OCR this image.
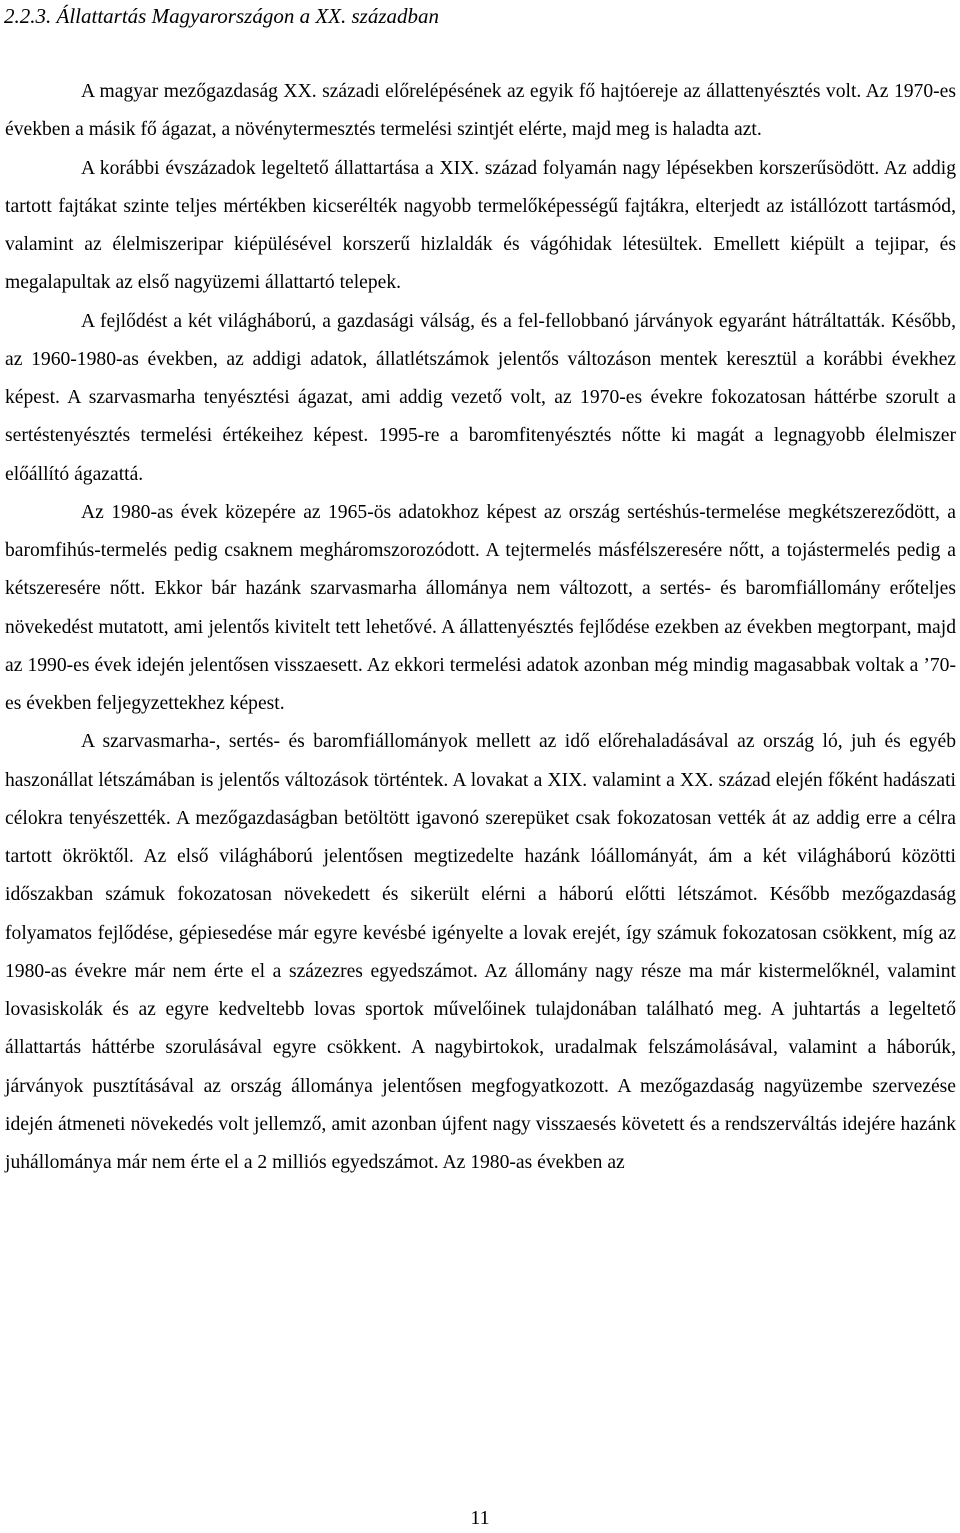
2.2.3. Állattartás Magyarországon a XX. században

A magyar mezőgazdaság XX. századi előrelépésének az egyik fő hajtóereje az állattenyésztés volt. Az 1970-es években a másik fő ágazat, a növénytermesztés termelési szintjét elérte, majd meg is haladta azt.

A korábbi évszázadok legeltető állattartása a XIX. század folyamán nagy lépésekben korszerűsödött. Az addig tartott fajtákat szinte teljes mértékben kicserélték nagyobb termelőképességű fajtákra, elterjedt az istállózott tartásmód, valamint az élelmiszeripar kiépülésével korszerű hizlaldák és vágóhidak létesültek. Emellett kiépült a tejipar, és megalapultak az első nagyüzemi állattartó telepek.

A fejlődést a két világháború, a gazdasági válság, és a fel-fellobbanó járványok egyaránt hátráltatták. Később, az 1960-1980-as években, az addigi adatok, állatlétszámok jelentős változáson mentek keresztül a korábbi évekhez képest. A szarvasmarha tenyésztési ágazat, ami addig vezető volt, az 1970-es évekre fokozatosan háttérbe szorult a sertéstenyésztés termelési értékeihez képest. 1995-re a baromfitenyésztés nőtte ki magát a legnagyobb élelmiszer előállító ágazattá.

Az 1980-as évek közepére az 1965-ös adatokhoz képest az ország sertéshús-termelése megkétszereződött, a baromfihús-termelés pedig csaknem megháromszorozódott. A tejtermelés másfélszeresére nőtt, a tojástermelés pedig a kétszeresére nőtt. Ekkor bár hazánk szarvasmarha állománya nem változott, a sertés- és baromfiállomány erőteljes növekedést mutatott, ami jelentős kivitelt tett lehetővé. A állattenyésztés fejlődése ezekben az években megtorpant, majd az 1990-es évek idején jelentősen visszaesett. Az ekkori termelési adatok azonban még mindig magasabbak voltak a ’70-es években feljegyzettekhez képest.

A szarvasmarha-, sertés- és baromfiállományok mellett az idő előrehaladásával az ország ló, juh és egyéb haszonállat létszámában is jelentős változások történtek. A lovakat a XIX. valamint a XX. század elején főként hadászati célokra tenyészették. A mezőgazdaságban betöltött igavonó szerepüket csak fokozatosan vették át az addig erre a célra tartott ökröktől. Az első világháború jelentősen megtizedelte hazánk lóállományát, ám a két világháború közötti időszakban számuk fokozatosan növekedett és sikerült elérni a háború előtti létszámot. Később mezőgazdaság folyamatos fejlődése, gépiesedése már egyre kevésbé igényelte a lovak erejét, így számuk fokozatosan csökkent, míg az 1980-as évekre már nem érte el a százezres egyedszámot. Az állomány nagy része ma már kistermelőknél, valamint lovasiskolák és az egyre kedveltebb lovas sportok művelőinek tulajdonában található meg. A juhtartás a legeltető állattartás háttérbe szorulásával egyre csökkent. A nagybirtokok, uradalmak felszámolásával, valamint a háborúk, járványok pusztításával az ország állománya jelentősen megfogyatkozott. A mezőgazdaság nagyüzembe szervezése idején átmeneti növekedés volt jellemző, amit azonban újfent nagy visszaesés követett és a rendszerváltás idejére hazánk juhállománya már nem érte el a 2 milliós egyedszámot. Az 1980-as években az

11
